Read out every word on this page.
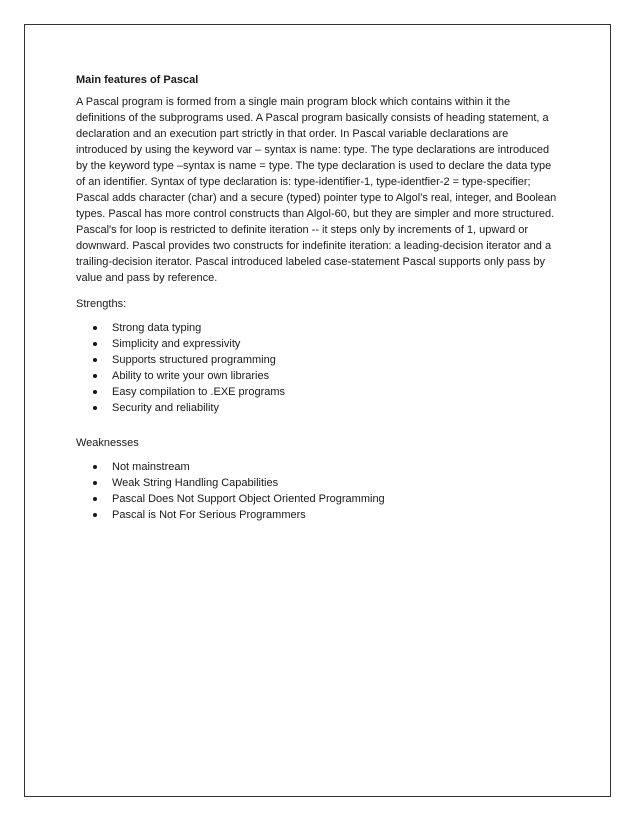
Main features of Pascal

A Pascal program is formed from a single main program block which contains within it the definitions of the subprograms used. A Pascal program basically consists of heading statement, a declaration and an execution part strictly in that order. In Pascal variable declarations are introduced by using the keyword var – syntax is name: type. The type declarations are introduced by the keyword type –syntax is name = type. The type declaration is used to declare the data type of an identifier. Syntax of type declaration is: type-identifier-1, type-identfier-2 = type-specifier; Pascal adds character (char) and a secure (typed) pointer type to Algol's real, integer, and Boolean types. Pascal has more control constructs than Algol-60, but they are simpler and more structured. Pascal's for loop is restricted to definite iteration -- it steps only by increments of 1, upward or downward. Pascal provides two constructs for indefinite iteration: a leading-decision iterator and a trailing-decision iterator. Pascal introduced labeled case-statement Pascal supports only pass by value and pass by reference.

Strengths:

Strong data typing
Simplicity and expressivity
Supports structured programming
Ability to write your own libraries
Easy compilation to .EXE programs
Security and reliability

Weaknesses

Not mainstream
Weak String Handling Capabilities
Pascal Does Not Support Object Oriented Programming
Pascal is Not For Serious Programmers
